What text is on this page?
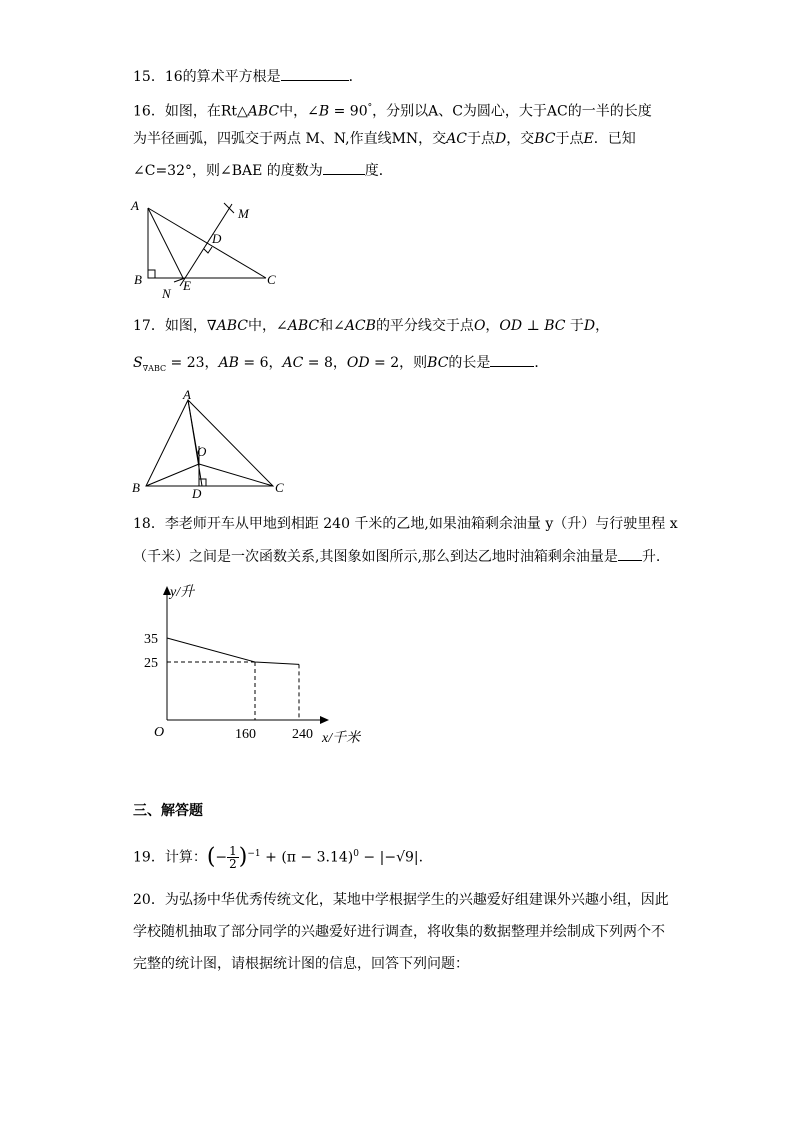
15．16的算术平方根是	．
16．如图，在Rt△ABC中，∠B = 90°，分别以A、C为圆心，大于AC的一半的长度
为半径画弧，四弧交于两点 M、N,作直线MN，交AC于点D，交BC于点E．已知
∠C=32°，则∠BAE 的度数为	度．
A
M
D
B	C
N
E
17．如图，∇ABC中，∠ABC和∠ACB的平分线交于点O，OD ⊥ BC 于D，
$S_{\nabla ABC} = 23$，AB = 6，AC = 8，OD = 2，则BC的长是	．
A
O
B	D	C
18．李老师开车从甲地到相距 240 千米的乙地,如果油箱剩余油量 y（升）与行驶里程 x
（千米）之间是一次函数关系,其图象如图所示,那么到达乙地时油箱剩余油量是 升.
y/升
x/千米
O
35
25
160	240
三、解答题
19．计算：(− $\frac{1}{2} )^{-1} + (\pi - 3.14)^0 - |-√9|$.
20．为弘扬中华优秀传统文化，某地中学根据学生的兴趣爱好组建课外兴趣小组，因此
学校随机抽取了部分同学的兴趣爱好进行调查，将收集的数据整理并绘制成下列两个不
完整的统计图，请根据统计图的信息，回答下列问题：
